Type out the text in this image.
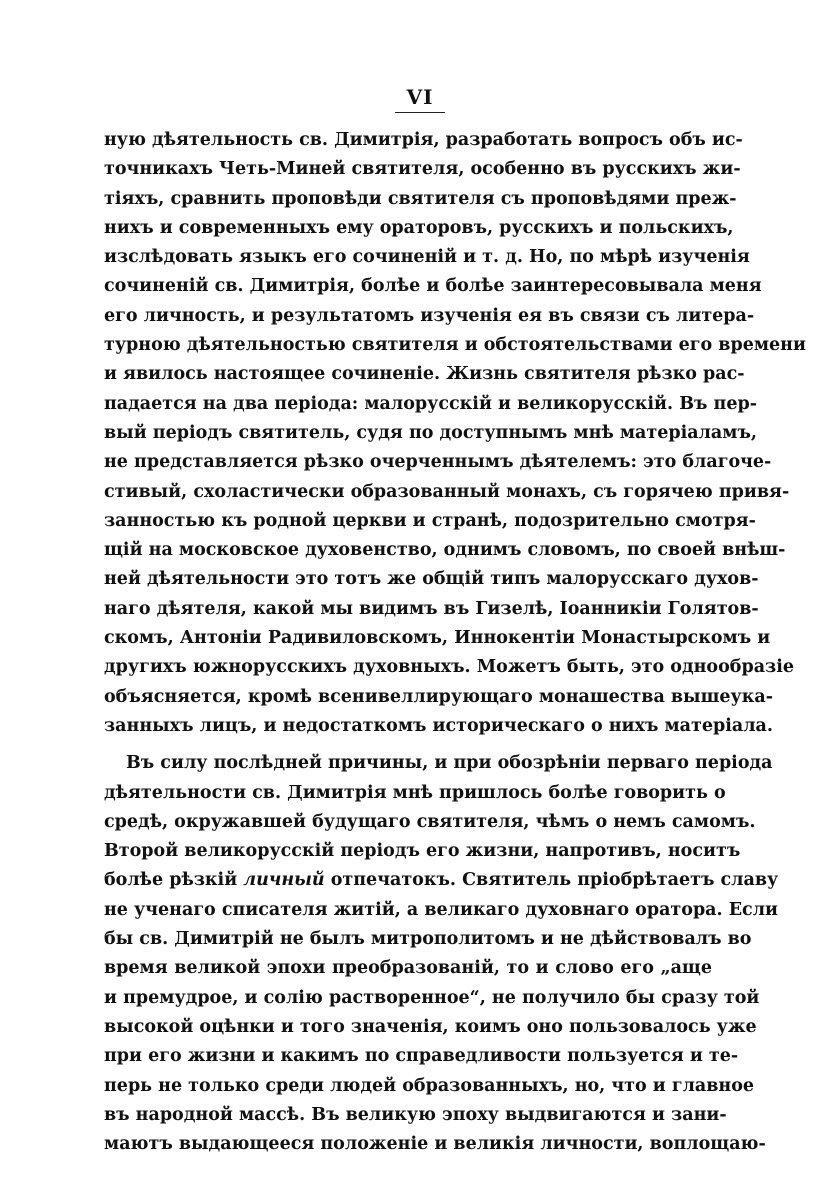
VI
ную дѣятельность св. Димитрія, разработать вопросъ объ ис-
точникахъ Четь-Миней святителя, особенно въ русскихъ жи-
тіяхъ, сравнить проповѣди святителя съ проповѣдями преж-
нихъ и современныхъ ему ораторовъ, русскихъ и польскихъ,
изслѣдовать языкъ его сочиненій и т. д. Но, по мѣрѣ изученія
сочиненій св. Димитрія, болѣе и болѣе заинтересовывала меня
его личность, и результатомъ изученія ея въ связи съ литера-
турною дѣятельностью святителя и обстоятельствами его времени
и явилось настоящее сочиненіе. Жизнь святителя рѣзко рас-
падается на два періода: малорусскій и великорусскій. Въ пер-
вый періодъ святитель, судя по доступнымъ мнѣ матеріаламъ,
не представляется рѣзко очерченнымъ дѣятелемъ: это благоче-
стивый, схоластически образованный монахъ, съ горячею привя-
занностью къ родной церкви и странѣ, подозрительно смотря-
щій на московское духовенство, однимъ словомъ, по своей внѣш-
ней дѣятельности это тотъ же общій типъ малорусскаго духов-
наго дѣятеля, какой мы видимъ въ Гизелѣ, Іоанникіи Голятов-
скомъ, Антоніи Радивиловскомъ, Иннокентіи Монастырскомъ и
другихъ южнорусскихъ духовныхъ. Можетъ быть, это однообразіе
объясняется, кромѣ всенивеллирующаго монашества вышеука-
занныхъ лицъ, и недостаткомъ историческаго о нихъ матеріала.
Въ силу послѣдней причины, и при обозрѣніи перваго періода
дѣятельности св. Димитрія мнѣ пришлось болѣе говорить о
средѣ, окружавшей будущаго святителя, чѣмъ о немъ самомъ.
Второй великорусскій періодъ его жизни, напротивъ, носитъ
болѣе рѣзкій личный отпечатокъ. Святитель пріобрѣтаетъ славу
не ученаго списателя житій, а великаго духовнаго оратора. Если
бы св. Димитрій не былъ митрополитомъ и не дѣйствовалъ во
время великой эпохи преобразованій, то и слово его „аще
и премудрое, и солію растворенное“, не получило бы сразу той
высокой оцѣнки и того значенія, коимъ оно пользовалось уже
при его жизни и какимъ по справедливости пользуется и те-
перь не только среди людей образованныхъ, но, что и главное
въ народной массѣ. Въ великую эпоху выдвигаются и зани-
маютъ выдающееся положеніе и великія личности, воплощаю-
